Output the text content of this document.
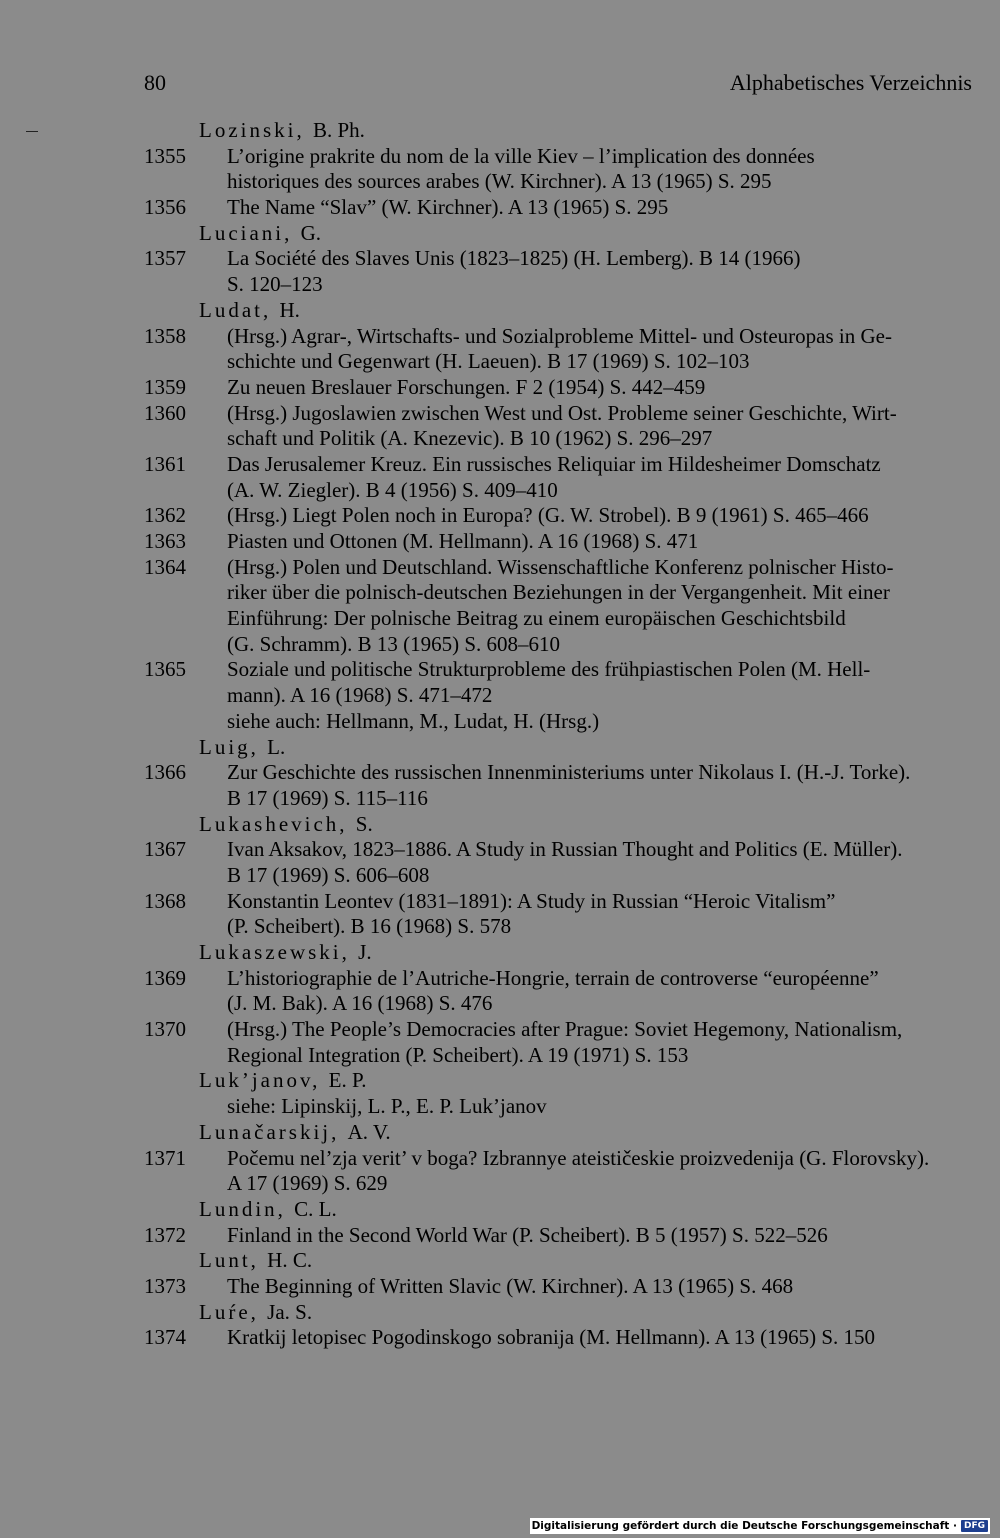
80	Alphabetisches Verzeichnis
Lozinski, B. Ph.
1355 L’origine prakrite du nom de la ville Kiev – l’implication des données
historiques des sources arabes (W. Kirchner). A 13 (1965) S. 295
1356 The Name “Slav” (W. Kirchner). A 13 (1965) S. 295
Luciani, G.
1357 La Société des Slaves Unis (1823–1825) (H. Lemberg). B 14 (1966)
S. 120–123
Ludat, H.
1358 (Hrsg.) Agrar-, Wirtschafts- und Sozialprobleme Mittel- und Osteuropas in Ge-
schichte und Gegenwart (H. Laeuen). B 17 (1969) S. 102–103
1359 Zu neuen Breslauer Forschungen. F 2 (1954) S. 442–459
1360 (Hrsg.) Jugoslawien zwischen West und Ost. Probleme seiner Geschichte, Wirt-
schaft und Politik (A. Knezevic). B 10 (1962) S. 296–297
1361 Das Jerusalemer Kreuz. Ein russisches Reliquiar im Hildesheimer Domschatz
(A. W. Ziegler). B 4 (1956) S. 409–410
1362 (Hrsg.) Liegt Polen noch in Europa? (G. W. Strobel). B 9 (1961) S. 465–466
1363 Piasten und Ottonen (M. Hellmann). A 16 (1968) S. 471
1364 (Hrsg.) Polen und Deutschland. Wissenschaftliche Konferenz polnischer Histo-
riker über die polnisch-deutschen Beziehungen in der Vergangenheit. Mit einer
Einführung: Der polnische Beitrag zu einem europäischen Geschichtsbild
(G. Schramm). B 13 (1965) S. 608–610
1365 Soziale und politische Strukturprobleme des frühpiastischen Polen (M. Hell-
mann). A 16 (1968) S. 471–472
siehe auch: Hellmann, M., Ludat, H. (Hrsg.)
Luig, L.
1366 Zur Geschichte des russischen Innenministeriums unter Nikolaus I. (H.-J. Torke).
B 17 (1969) S. 115–116
Lukashevich, S.
1367 Ivan Aksakov, 1823–1886. A Study in Russian Thought and Politics (E. Müller).
B 17 (1969) S. 606–608
1368 Konstantin Leontev (1831–1891): A Study in Russian “Heroic Vitalism”
(P. Scheibert). B 16 (1968) S. 578
Lukaszewski, J.
1369 L’historiographie de l’Autriche-Hongrie, terrain de controverse “européenne”
(J. M. Bak). A 16 (1968) S. 476
1370 (Hrsg.) The People’s Democracies after Prague: Soviet Hegemony, Nationalism,
Regional Integration (P. Scheibert). A 19 (1971) S. 153
Luk’janov, E. P.
siehe: Lipinskij, L. P., E. P. Luk’janov
Lunačarskij, A. V.
1371 Počemu nel’zja verit’ v boga? Izbrannye ateističeskie proizvedenija (G. Florovsky).
A 17 (1969) S. 629
Lundin, C. L.
1372 Finland in the Second World War (P. Scheibert). B 5 (1957) S. 522–526
Lunt, H. C.
1373 The Beginning of Written Slavic (W. Kirchner). A 13 (1965) S. 468
Luŕe, Ja. S.
1374 Kratkij letopisec Pogodinskogo sobranija (M. Hellmann). A 13 (1965) S. 150
Digitalisierung gefördert durch die Deutsche Forschungsgemeinschaft · DFG
